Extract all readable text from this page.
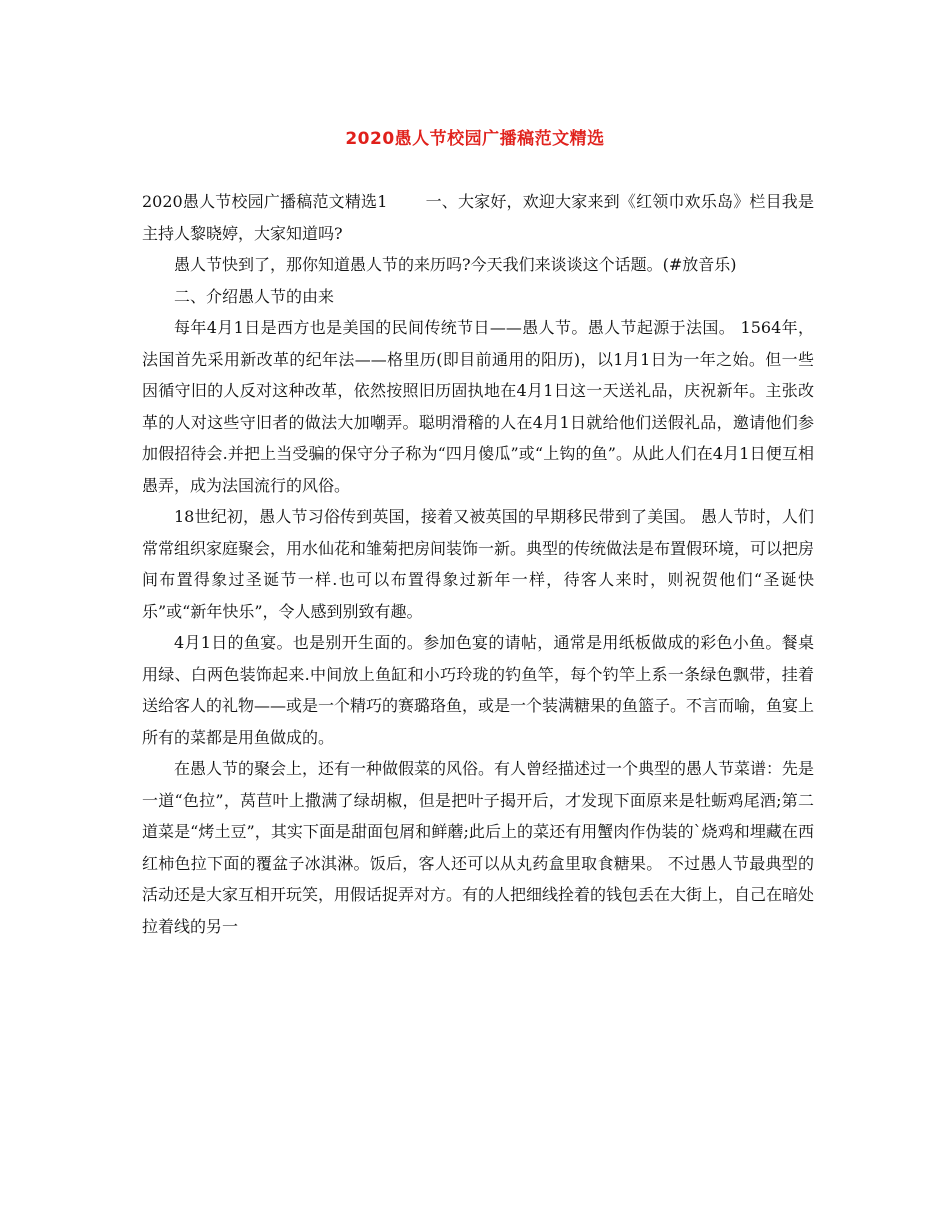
2020愚人节校园广播稿范文精选

2020愚人节校园广播稿范文精选1 一、大家好，欢迎大家来到《红领巾欢乐岛》栏目我是主持人黎晓婷，大家知道吗?

愚人节快到了，那你知道愚人节的来历吗?今天我们来谈谈这个话题。(#放音乐)

二、介绍愚人节的由来

每年4月1日是西方也是美国的民间传统节日——愚人节。愚人节起源于法国。 1564年，法国首先采用新改革的纪年法——格里历(即目前通用的阳历)，以1月1日为一年之始。但一些因循守旧的人反对这种改革，依然按照旧历固执地在4月1日这一天送礼品，庆祝新年。主张改革的人对这些守旧者的做法大加嘲弄。聪明滑稽的人在4月1日就给他们送假礼品，邀请他们参加假招待会.并把上当受骗的保守分子称为“四月傻瓜”或“上钩的鱼”。从此人们在4月1日便互相愚弄，成为法国流行的风俗。

18世纪初，愚人节习俗传到英国，接着又被英国的早期移民带到了美国。 愚人节时，人们常常组织家庭聚会，用水仙花和雏菊把房间装饰一新。典型的传统做法是布置假环境，可以把房间布置得象过圣诞节一样.也可以布置得象过新年一样，待客人来时，则祝贺他们“圣诞快乐”或“新年快乐”，令人感到别致有趣。

4月1日的鱼宴。也是别开生面的。参加色宴的请帖，通常是用纸板做成的彩色小鱼。餐桌用绿、白两色装饰起来.中间放上鱼缸和小巧玲珑的钓鱼竿，每个钓竿上系一条绿色飘带，挂着送给客人的礼物——或是一个精巧的赛璐珞鱼，或是一个装满糖果的鱼篮子。不言而喻，鱼宴上所有的菜都是用鱼做成的。

在愚人节的聚会上，还有一种做假菜的风俗。有人曾经描述过一个典型的愚人节菜谱：先是一道“色拉”，莴苣叶上撒满了绿胡椒，但是把叶子揭开后，才发现下面原来是牡蛎鸡尾酒;第二道菜是“烤土豆”，其实下面是甜面包屑和鲜蘑;此后上的菜还有用蟹肉作伪装的`烧鸡和埋藏在西红柿色拉下面的覆盆子冰淇淋。饭后，客人还可以从丸药盒里取食糖果。 不过愚人节最典型的活动还是大家互相开玩笑，用假话捉弄对方。有的人把细线拴着的钱包丢在大街上，自己在暗处拉着线的另一
